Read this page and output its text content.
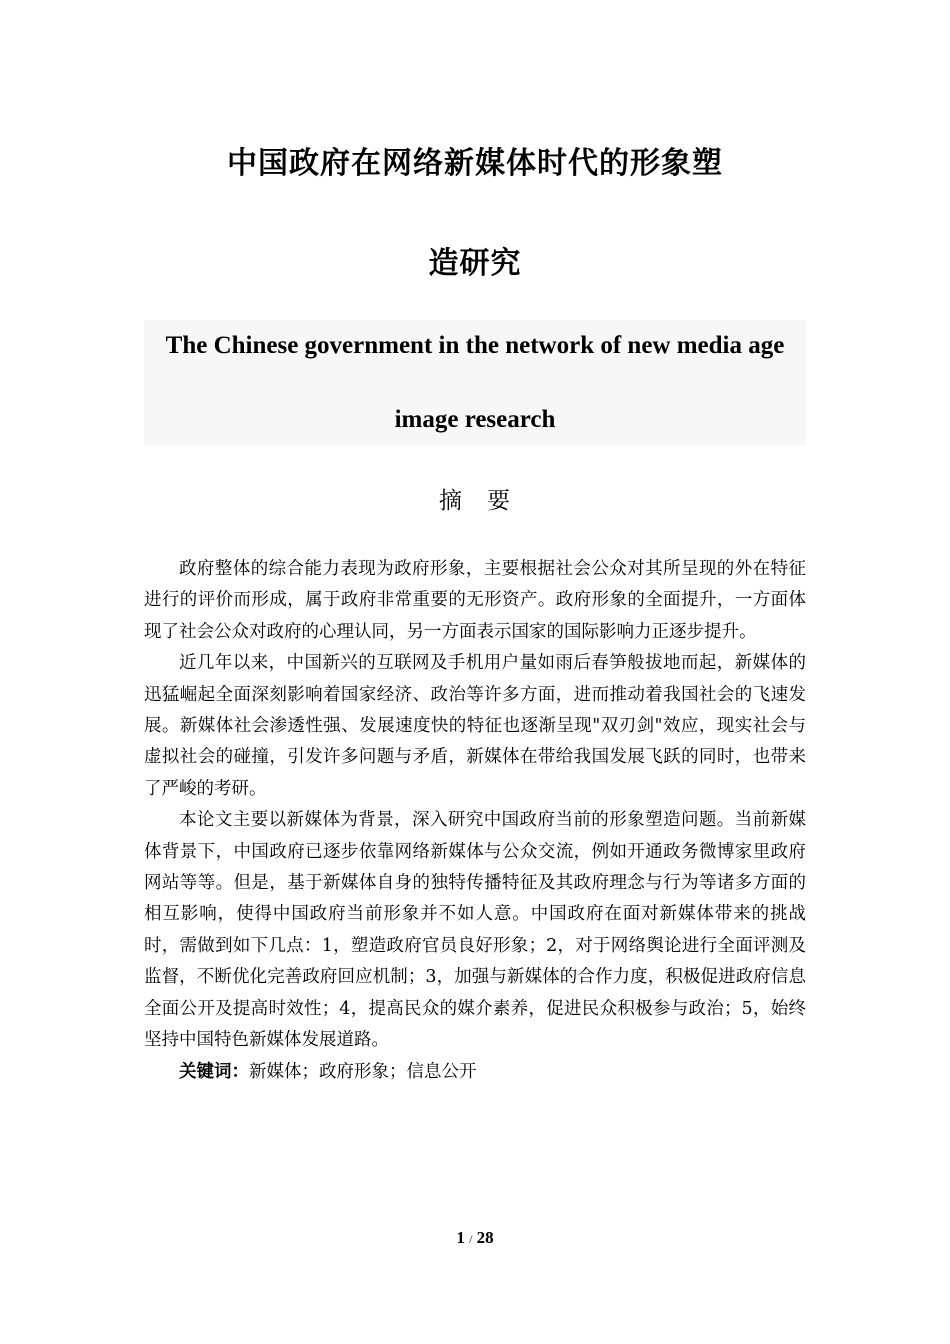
中国政府在网络新媒体时代的形象塑
造研究
The Chinese government in the network of new media age
image research
摘　要

政府整体的综合能力表现为政府形象，主要根据社会公众对其所呈现的外在特征进行的评价而形成，属于政府非常重要的无形资产。政府形象的全面提升，一方面体现了社会公众对政府的心理认同，另一方面表示国家的国际影响力正逐步提升。

近几年以来，中国新兴的互联网及手机用户量如雨后春笋般拔地而起，新媒体的迅猛崛起全面深刻影响着国家经济、政治等许多方面，进而推动着我国社会的飞速发展。新媒体社会渗透性强、发展速度快的特征也逐渐呈现"双刃剑"效应，现实社会与虚拟社会的碰撞，引发许多问题与矛盾，新媒体在带给我国发展飞跃的同时，也带来了严峻的考研。

本论文主要以新媒体为背景，深入研究中国政府当前的形象塑造问题。当前新媒体背景下，中国政府已逐步依靠网络新媒体与公众交流，例如开通政务微博家里政府网站等等。但是，基于新媒体自身的独特传播特征及其政府理念与行为等诸多方面的相互影响，使得中国政府当前形象并不如人意。中国政府在面对新媒体带来的挑战时，需做到如下几点：1，塑造政府官员良好形象；2，对于网络舆论进行全面评测及监督，不断优化完善政府回应机制；3，加强与新媒体的合作力度，积极促进政府信息全面公开及提高时效性；4，提高民众的媒介素养，促进民众积极参与政治；5，始终坚持中国特色新媒体发展道路。

关键词：新媒体；政府形象；信息公开

1 / 28
